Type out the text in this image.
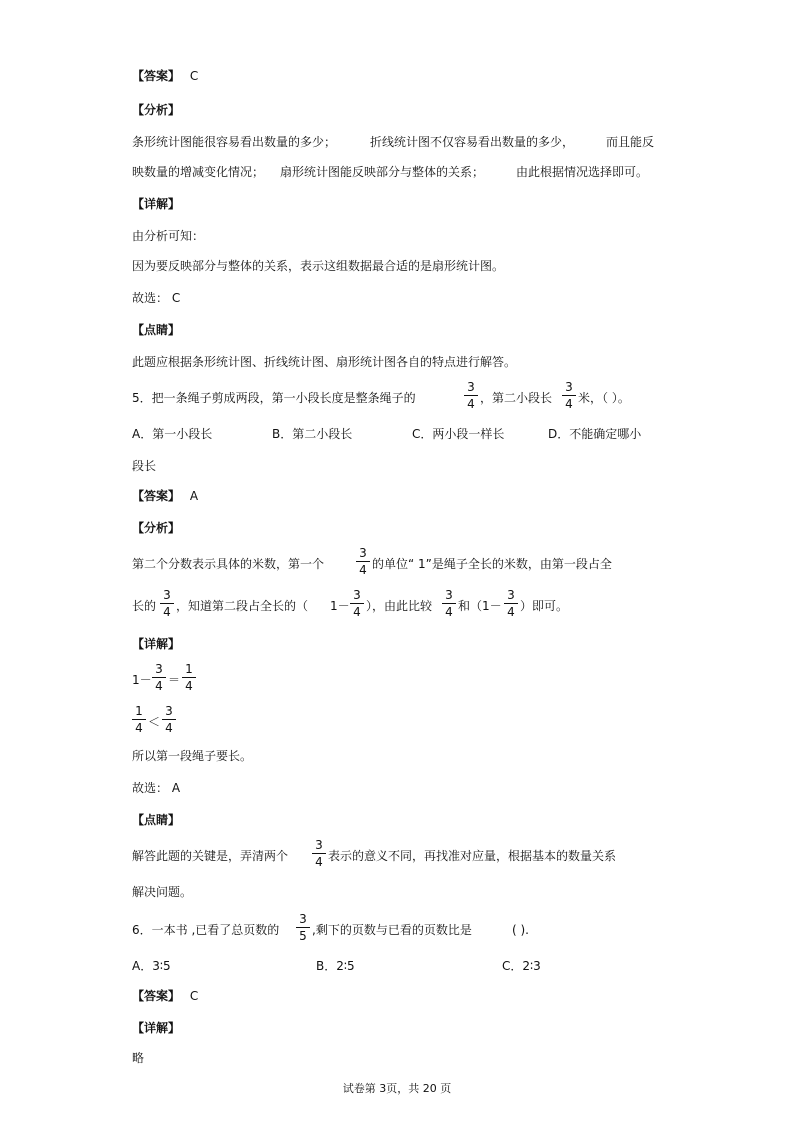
【答案】 C
【分析】
条形统计图能很容易看出数量的多少；	折线统计图不仅容易看出数量的多少，	而且能反
映数量的增减变化情况； 扇形统计图能反映部分与整体的关系；	由此根据情况选择即可。
【详解】
由分析可知：
因为要反映部分与整体的关系，表示这组数据最合适的是扇形统计图。
故选： C
【点睛】
此题应根据条形统计图、折线统计图、扇形统计图各自的特点进行解答。
5．把一条绳子剪成两段，第一小段长度是整条绳子的
3
4 ，第二小段长
3
4 米，（ ）。
A．第一小段长	B．第二小段长	C．两小段一样长	D．不能确定哪小
段长
【答案】 A
【分析】
第二个分数表示具体的米数，第一个
3
4 的单位“ 1”是绳子全长的米数，由第一段占全
长的
3
4 ，知道第二段占全长的（ 1－
3
4 ），由此比较
3
4 和（1－
3
4 ）即可。
【详解】
1－
3
4 ＝
1
4
1
4 ＜
3
4
所以第一段绳子要长。
故选： A
【点睛】
解答此题的关键是，弄清两个
3
4 表示的意义不同，再找准对应量，根据基本的数量关系
解决问题。
6．一本书 ,已看了总页数的
3
5 ,剩下的页数与已看的页数比是	( ).
A．3∶5	B．2∶5	C．2∶3
【答案】 C
【详解】
略
试卷第 3页，共 20 页
